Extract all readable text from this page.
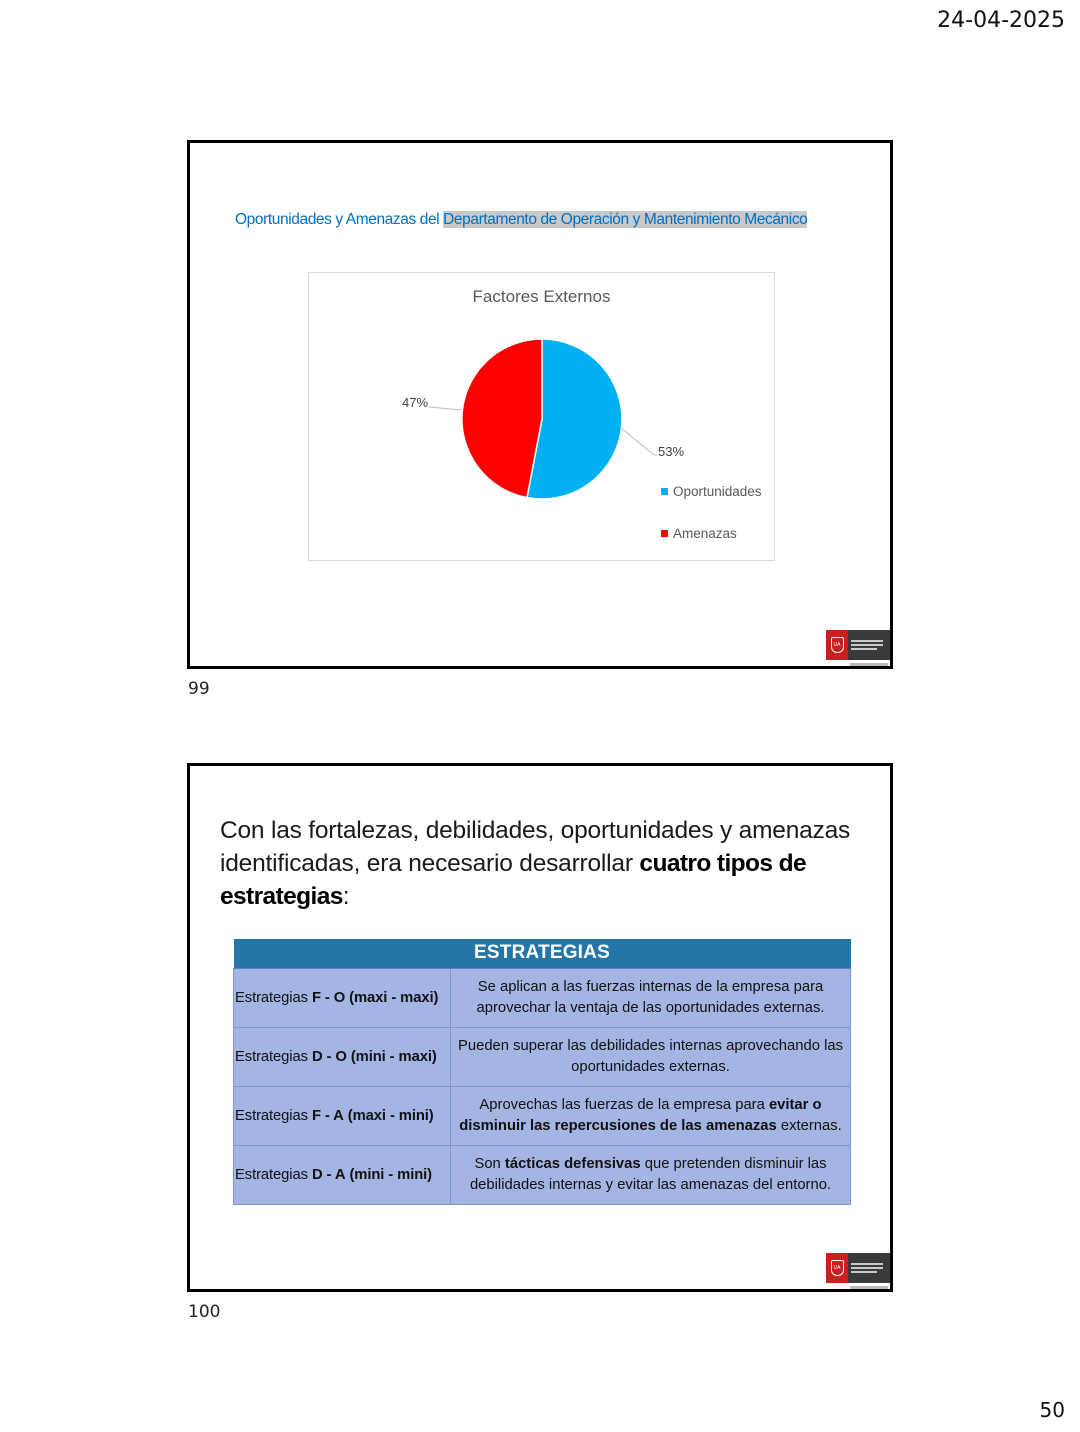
24-04-2025
Oportunidades y Amenazas del Departamento de Operación y Mantenimiento Mecánico
Factores Externos
47%
53%
Oportunidades
Amenazas
UA
99
Con las fortalezas, debilidades, oportunidades y amenazas identificadas, era necesario desarrollar cuatro tipos de estrategias:
ESTRATEGIAS	
Estrategias F - O (maxi - maxi)	Se aplican a las fuerzas internas de la empresa para aprovechar la ventaja de las oportunidades externas.
Estrategias D - O (mini - maxi)	Pueden superar las debilidades internas aprovechando las oportunidades externas.
Estrategias F - A (maxi - mini)	Aprovechas las fuerzas de la empresa para evitar o disminuir las repercusiones de las amenazas externas.
Estrategias D - A (mini - mini)	Son tácticas defensivas que pretenden disminuir las debilidades internas y evitar las amenazas del entorno.
UA
100
50
